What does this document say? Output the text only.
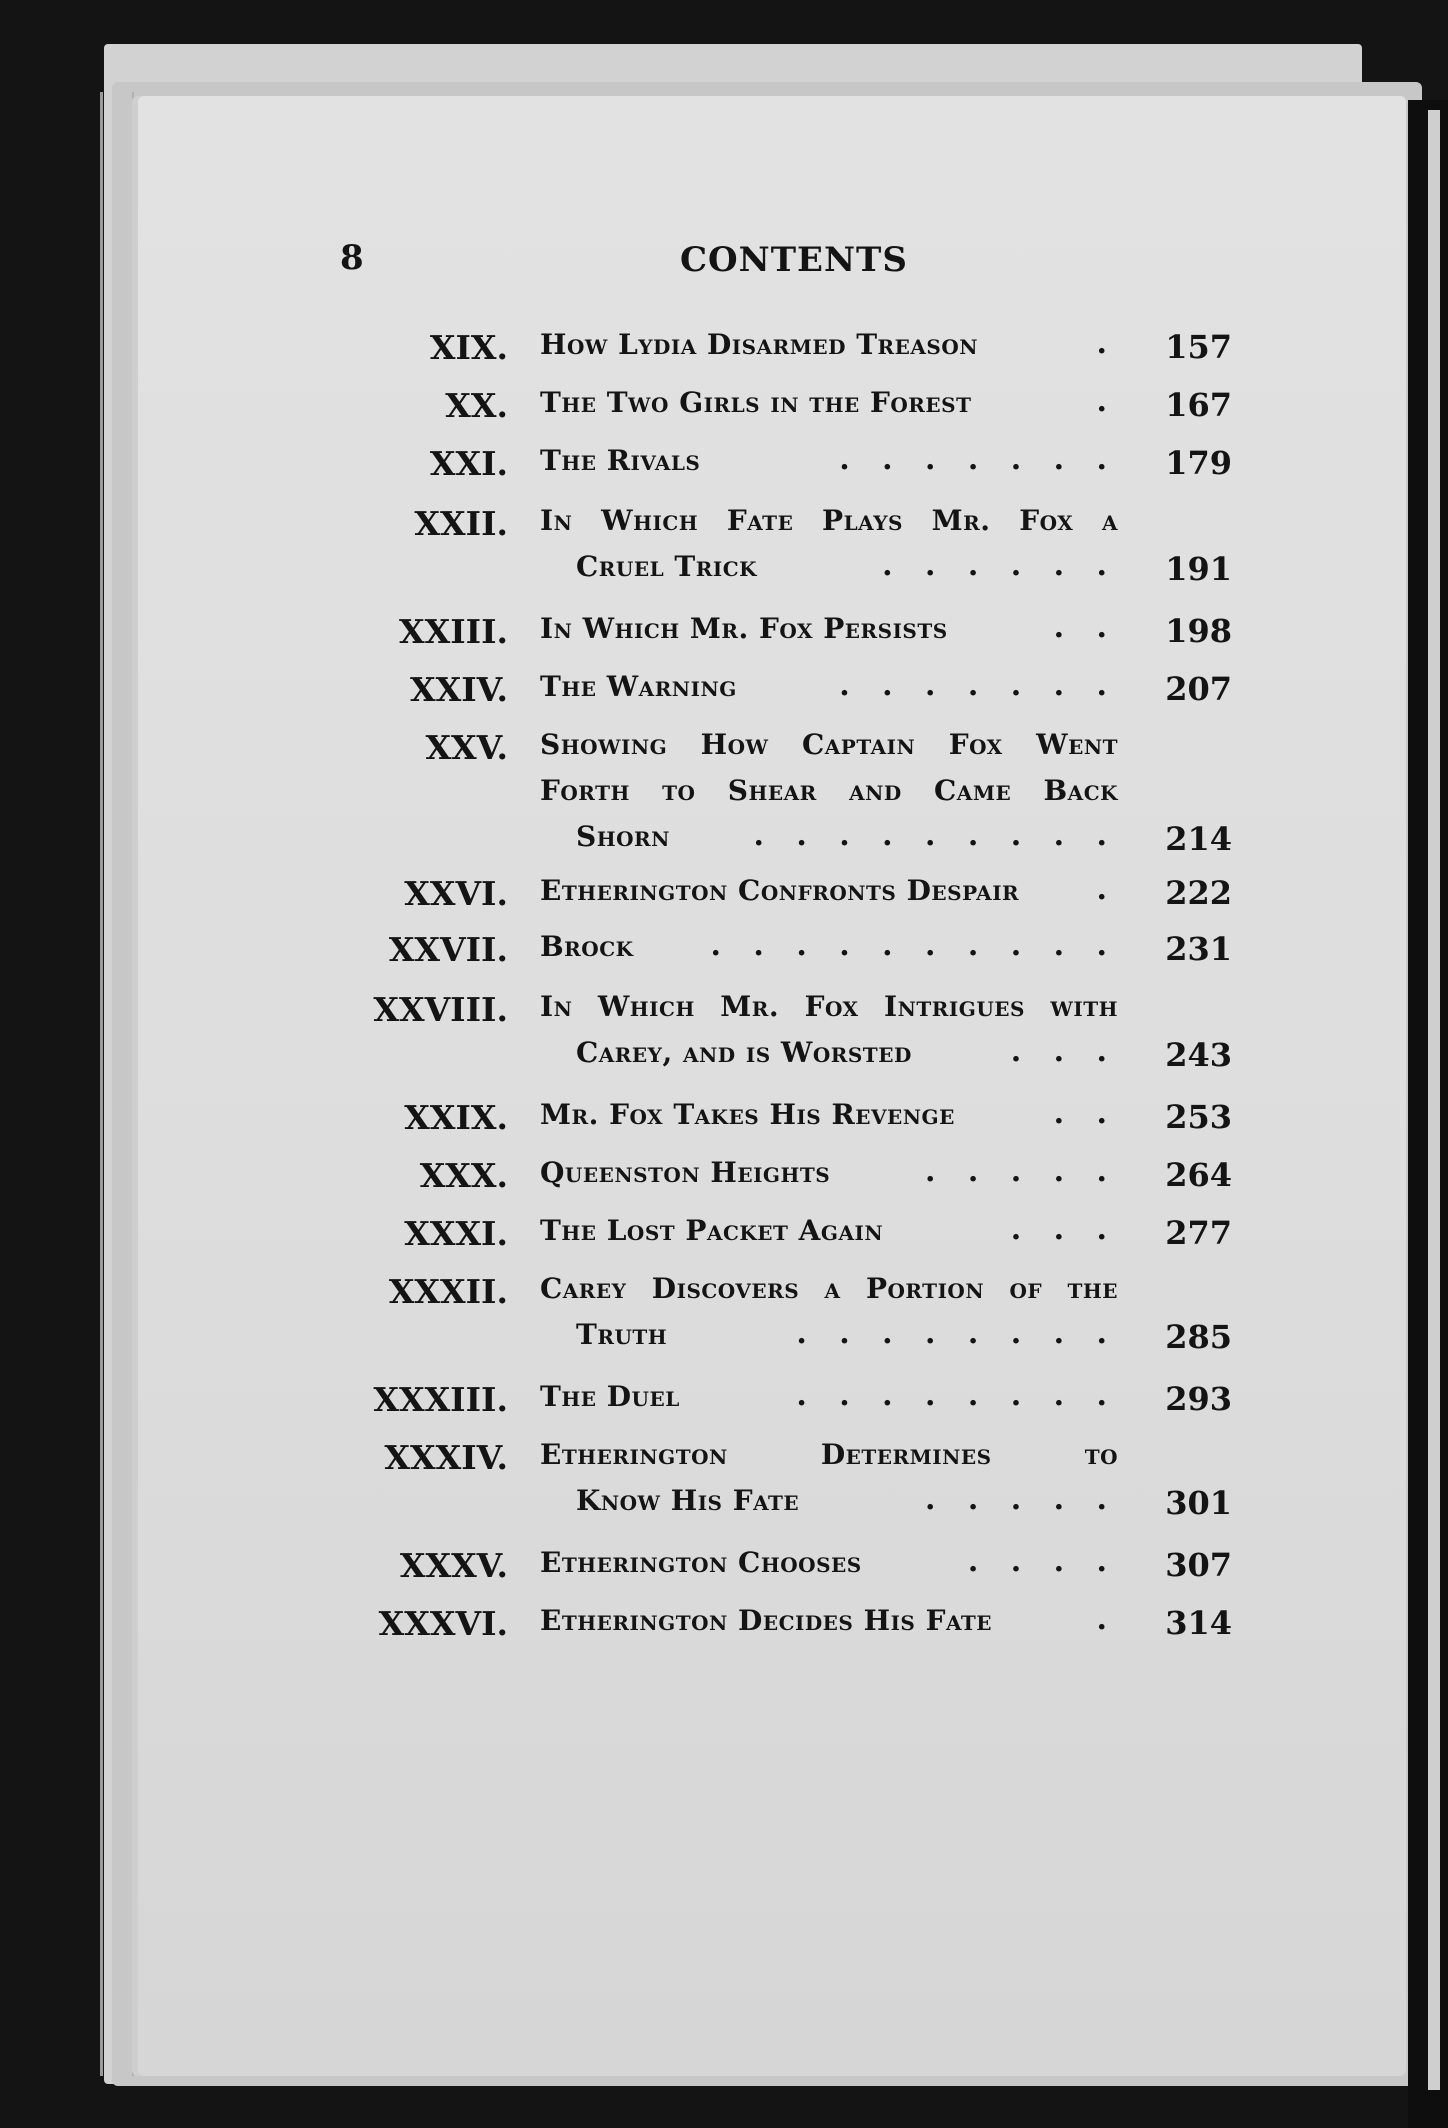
8	CONTENTS
XIX. How Lydia Disarmed Treason	. 157
XX. The Two Girls in the Forest	. 167
XXI. The Rivals	. . . . . . . 179
XXII. In Which Fate Plays Mr. Fox a
Cruel Trick	. . . . . . 191
XXIII. In Which Mr. Fox Persists	. . 198
XXIV. The Warning	. . . . . . . 207
XXV. Showing How Captain Fox Went
Forth to Shear and Came Back
Shorn	. . . . . . . . . 214
XXVI. Etherington Confronts Despair	. 222
XXVII. Brock	. . . . . . . . . . 231
XXVIII. In Which Mr. Fox Intrigues with
Carey, and is Worsted	. . . 243
XXIX. Mr. Fox Takes His Revenge	. . 253
XXX. Queenston Heights	. . . . . 264
XXXI. The Lost Packet Again	. . . 277
XXXII. Carey Discovers a Portion of the
Truth	. . . . . . . . 285
XXXIII. The Duel	. . . . . . . . 293
XXXIV. Etherington Determines to
Know His Fate	. . . . . 301
XXXV. Etherington Chooses	. . . . 307
XXXVI. Etherington Decides His Fate	. 314
